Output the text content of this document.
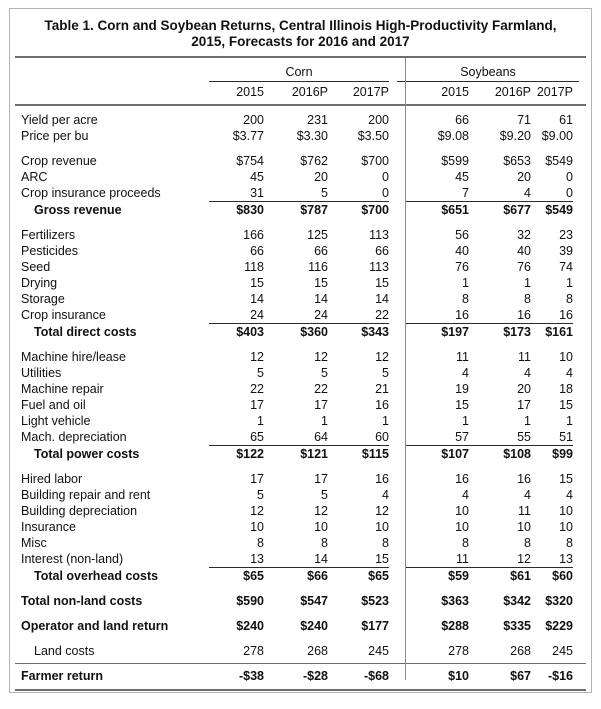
Table 1. Corn and Soybean Returns, Central Illinois High-Productivity Farmland,
2015, Forecasts for 2016 and 2017
Corn	Soybeans
2015	2016P	2017P	2015	2016P 2017P
Yield per acre	200	231	200	66	71	61
Price per bu	$3.77	$3.30	$3.50	$9.08	$9.20 $9.00
Crop revenue	$754	$762	$700	$599	$653	$549
ARC	45	20	0	45	20	0
Crop insurance proceeds	31	5	0	7	4	0
Gross revenue	$830	$787	$700	$651	$677	$549
Fertilizers	166	125	113	56	32	23
Pesticides	66	66	66	40	40	39
Seed	118	116	113	76	76	74
Drying	15	15	15	1	1	1
Storage	14	14	14	8	8	8
Crop insurance	24	24	22	16	16	16
Total direct costs	$403	$360	$343	$197	$173	$161
Machine hire/lease	12	12	12	11	11	10
Utilities	5	5	5	4	4	4
Machine repair	22	22	21	19	20	18
Fuel and oil	17	17	16	15	17	15
Light vehicle	1	1	1	1	1	1
Mach. depreciation	65	64	60	57	55	51
Total power costs	$122	$121	$115	$107	$108	$99
Hired labor	17	17	16	16	16	15
Building repair and rent	5	5	4	4	4	4
Building depreciation	12	12	12	10	11	10
Insurance	10	10	10	10	10	10
Misc	8	8	8	8	8	8
Interest (non-land)	13	14	15	11	12	13
Total overhead costs	$65	$66	$65	$59	$61	$60
Total non-land costs	$590	$547	$523	$363	$342	$320
Operator and land return	$240	$240	$177	$288	$335	$229
Land costs	278	268	245	278	268	245
Farmer return	-$38	-$28	-$68	$10	$67	-$16
